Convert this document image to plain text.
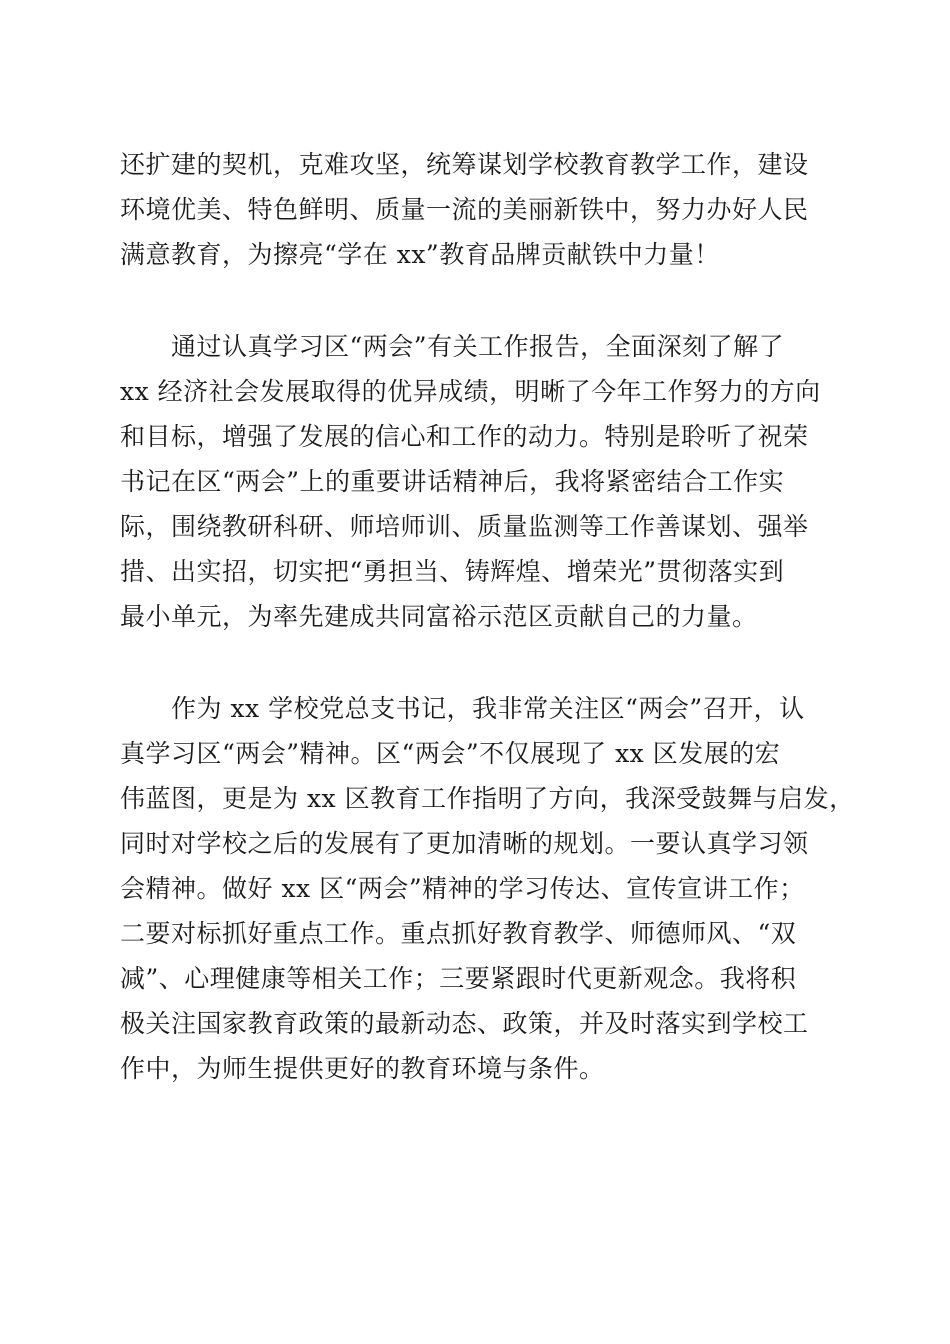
还扩建的契机，克难攻坚，统筹谋划学校教育教学工作，建设
环境优美、特色鲜明、质量一流的美丽新铁中，努力办好人民
满意教育，为擦亮“学在 xx”教育品牌贡献铁中力量！
　　通过认真学习区“两会”有关工作报告，全面深刻了解了
xx 经济社会发展取得的优异成绩，明晰了今年工作努力的方向
和目标，增强了发展的信心和工作的动力。特别是聆听了祝荣
书记在区“两会”上的重要讲话精神后，我将紧密结合工作实
际，围绕教研科研、师培师训、质量监测等工作善谋划、强举
措、出实招，切实把“勇担当、铸辉煌、增荣光”贯彻落实到
最小单元，为率先建成共同富裕示范区贡献自己的力量。
　　作为 xx 学校党总支书记，我非常关注区“两会”召开，认
真学习区“两会”精神。区“两会”不仅展现了 xx 区发展的宏
伟蓝图，更是为 xx 区教育工作指明了方向，我深受鼓舞与启发，
同时对学校之后的发展有了更加清晰的规划。一要认真学习领
会精神。做好 xx 区“两会”精神的学习传达、宣传宣讲工作；
二要对标抓好重点工作。重点抓好教育教学、师德师风、“双
减”、心理健康等相关工作；三要紧跟时代更新观念。我将积
极关注国家教育政策的最新动态、政策，并及时落实到学校工
作中，为师生提供更好的教育环境与条件。
